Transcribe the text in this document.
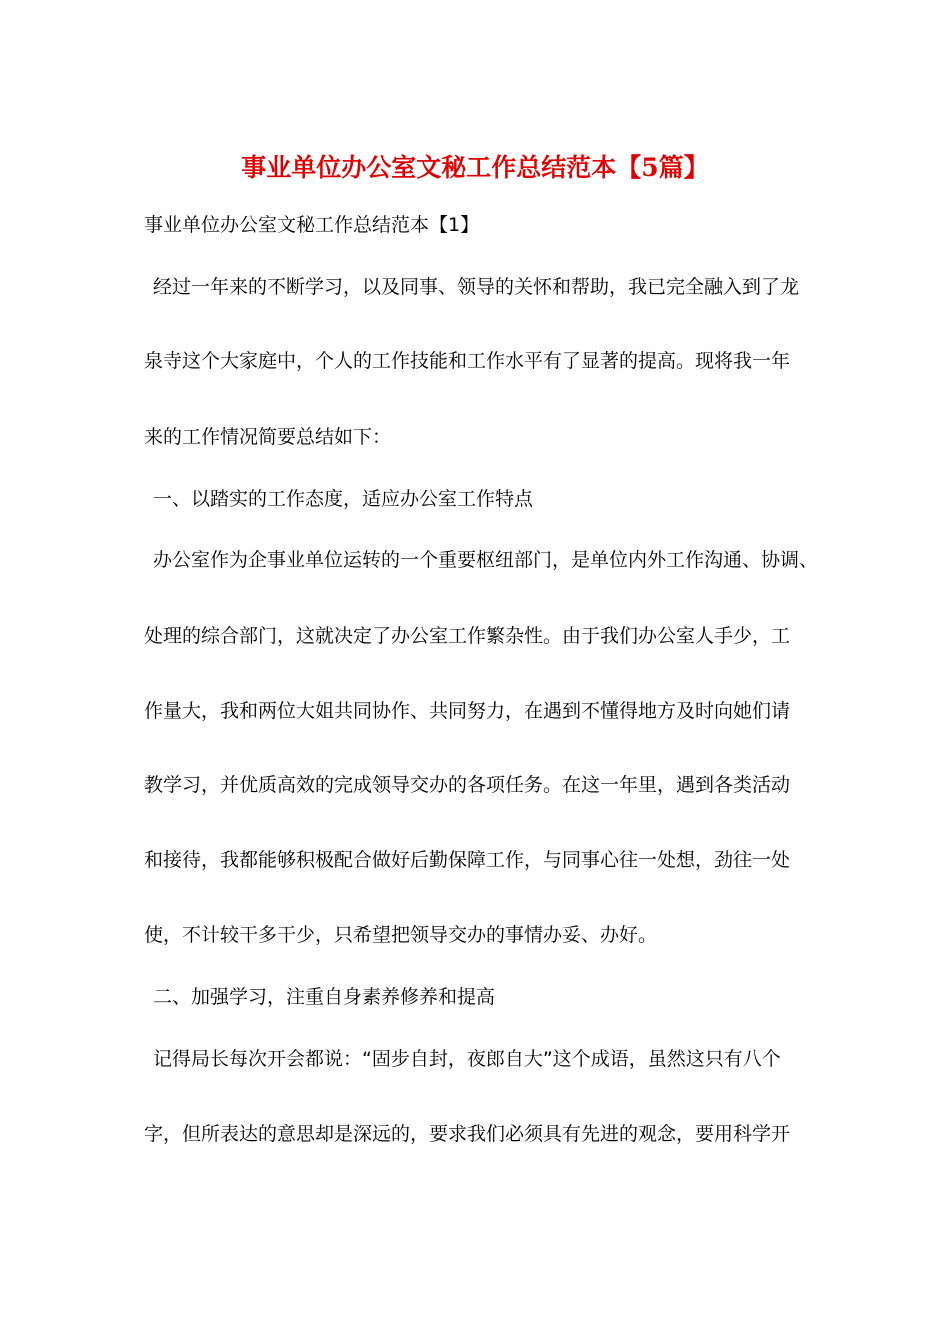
事业单位办公室文秘工作总结范本【5篇】
事业单位办公室文秘工作总结范本【1】
经过一年来的不断学习，以及同事、领导的关怀和帮助，我已完全融入到了龙
泉寺这个大家庭中，个人的工作技能和工作水平有了显著的提高。现将我一年
来的工作情况简要总结如下：
一、以踏实的工作态度，适应办公室工作特点
办公室作为企事业单位运转的一个重要枢纽部门，是单位内外工作沟通、协调、
处理的综合部门，这就决定了办公室工作繁杂性。由于我们办公室人手少，工
作量大，我和两位大姐共同协作、共同努力，在遇到不懂得地方及时向她们请
教学习，并优质高效的完成领导交办的各项任务。在这一年里，遇到各类活动
和接待，我都能够积极配合做好后勤保障工作，与同事心往一处想，劲往一处
使，不计较干多干少，只希望把领导交办的事情办妥、办好。
二、加强学习，注重自身素养修养和提高
记得局长每次开会都说：“固步自封，夜郎自大”这个成语，虽然这只有八个
字，但所表达的意思却是深远的，要求我们必须具有先进的观念，要用科学开
